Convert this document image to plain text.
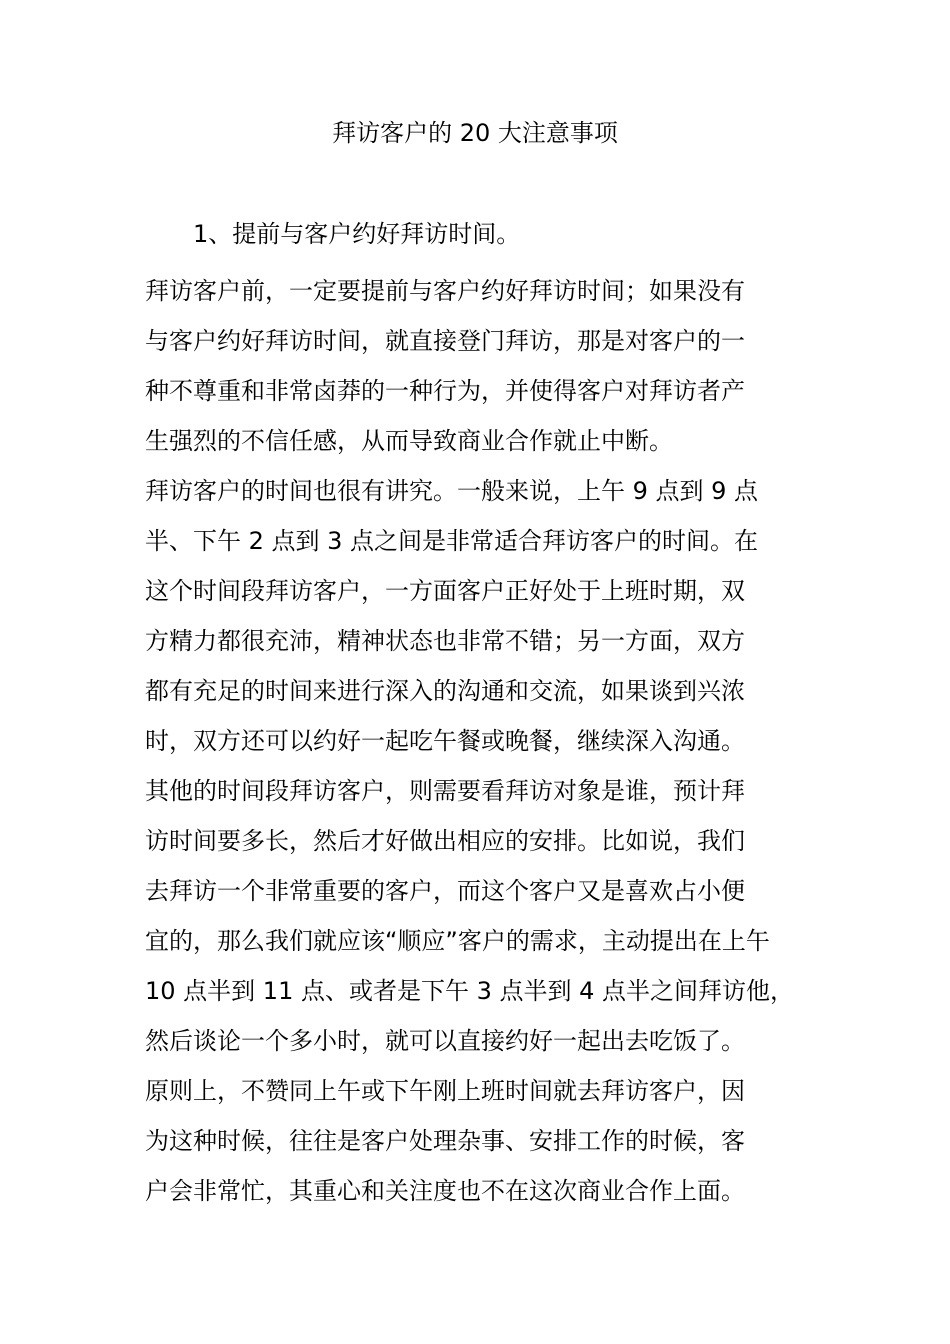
拜访客户的 20 大注意事项
1、提前与客户约好拜访时间。
拜访客户前，一定要提前与客户约好拜访时间；如果没有
与客户约好拜访时间，就直接登门拜访，那是对客户的一
种不尊重和非常卤莽的一种行为，并使得客户对拜访者产
生强烈的不信任感，从而导致商业合作就止中断。
拜访客户的时间也很有讲究。一般来说，上午 9 点到 9 点
半、下午 2 点到 3 点之间是非常适合拜访客户的时间。在
这个时间段拜访客户，一方面客户正好处于上班时期，双
方精力都很充沛，精神状态也非常不错；另一方面，双方
都有充足的时间来进行深入的沟通和交流，如果谈到兴浓
时，双方还可以约好一起吃午餐或晚餐，继续深入沟通。
其他的时间段拜访客户，则需要看拜访对象是谁，预计拜
访时间要多长，然后才好做出相应的安排。比如说，我们
去拜访一个非常重要的客户，而这个客户又是喜欢占小便
宜的，那么我们就应该“顺应”客户的需求，主动提出在上午
10 点半到 11 点、或者是下午 3 点半到 4 点半之间拜访他，
然后谈论一个多小时，就可以直接约好一起出去吃饭了。
原则上，不赞同上午或下午刚上班时间就去拜访客户，因
为这种时候，往往是客户处理杂事、安排工作的时候，客
户会非常忙，其重心和关注度也不在这次商业合作上面。
